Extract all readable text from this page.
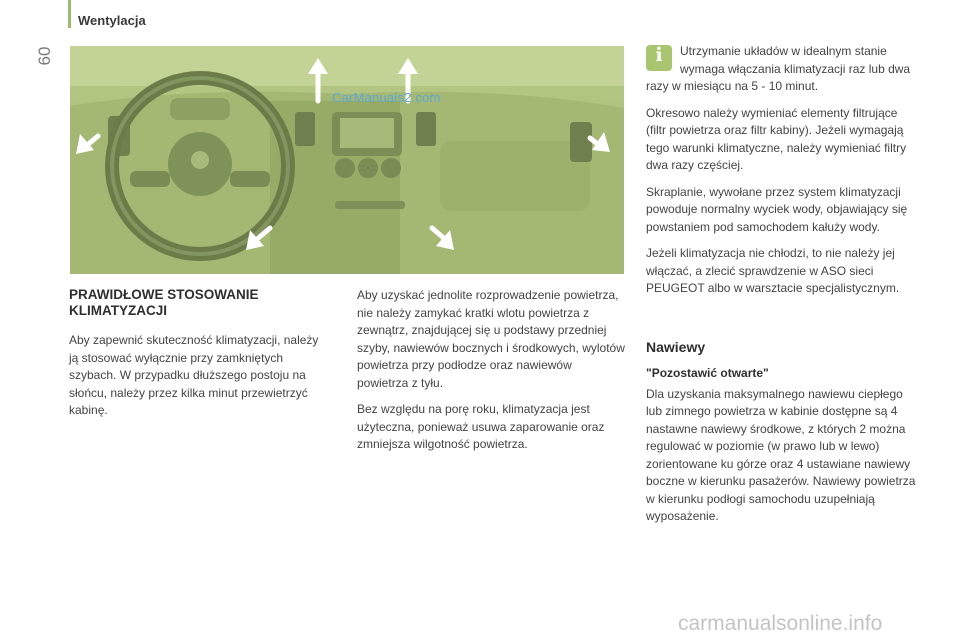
60
Wentylacja
CarManuals2.com
PRAWIDŁOWE STOSOWANIE KLIMATYZACJI

Aby zapewnić skuteczność klimatyzacji, należy ją stosować wyłącznie przy zamkniętych szybach. W przypadku dłuższego postoju na słońcu, należy przez kilka minut przewietrzyć kabinę.

Aby uzyskać jednolite rozprowadzenie powietrza, nie należy zamykać kratki wlotu powietrza z zewnątrz, znajdującej się u podstawy przedniej szyby, nawiewów bocznych i środkowych, wylotów powietrza przy podłodze oraz nawiewów powietrza z tyłu.

Bez względu na porę roku, klimatyzacja jest użyteczna, ponieważ usuwa zaparowanie oraz zmniejsza wilgotność powietrza.

i
Utrzymanie układów w idealnym stanie wymaga włączania klimatyzacji raz lub dwa razy w miesiącu na 5 - 10 minut.

Okresowo należy wymieniać elementy filtrujące (filtr powietrza oraz filtr kabiny). Jeżeli wymagają tego warunki klimatyczne, należy wymieniać filtry dwa razy częściej.

Skraplanie, wywołane przez system klimatyzacji powoduje normalny wyciek wody, objawiający się powstaniem pod samochodem kałuży wody.

Jeżeli klimatyzacja nie chłodzi, to nie należy jej włączać, a zlecić sprawdzenie w ASO sieci PEUGEOT albo w warsztacie specjalistycznym.

Nawiewy
"Pozostawić otwarte"

Dla uzyskania maksymalnego nawiewu ciepłego lub zimnego powietrza w kabinie dostępne są 4 nastawne nawiewy środkowe, z których 2 można regulować w poziomie (w prawo lub w lewo) zorientowane ku górze oraz 4 ustawiane nawiewy boczne w kierunku pasażerów. Nawiewy powietrza w kierunku podłogi samochodu uzupełniają wyposażenie.

carmanualsonline.info
